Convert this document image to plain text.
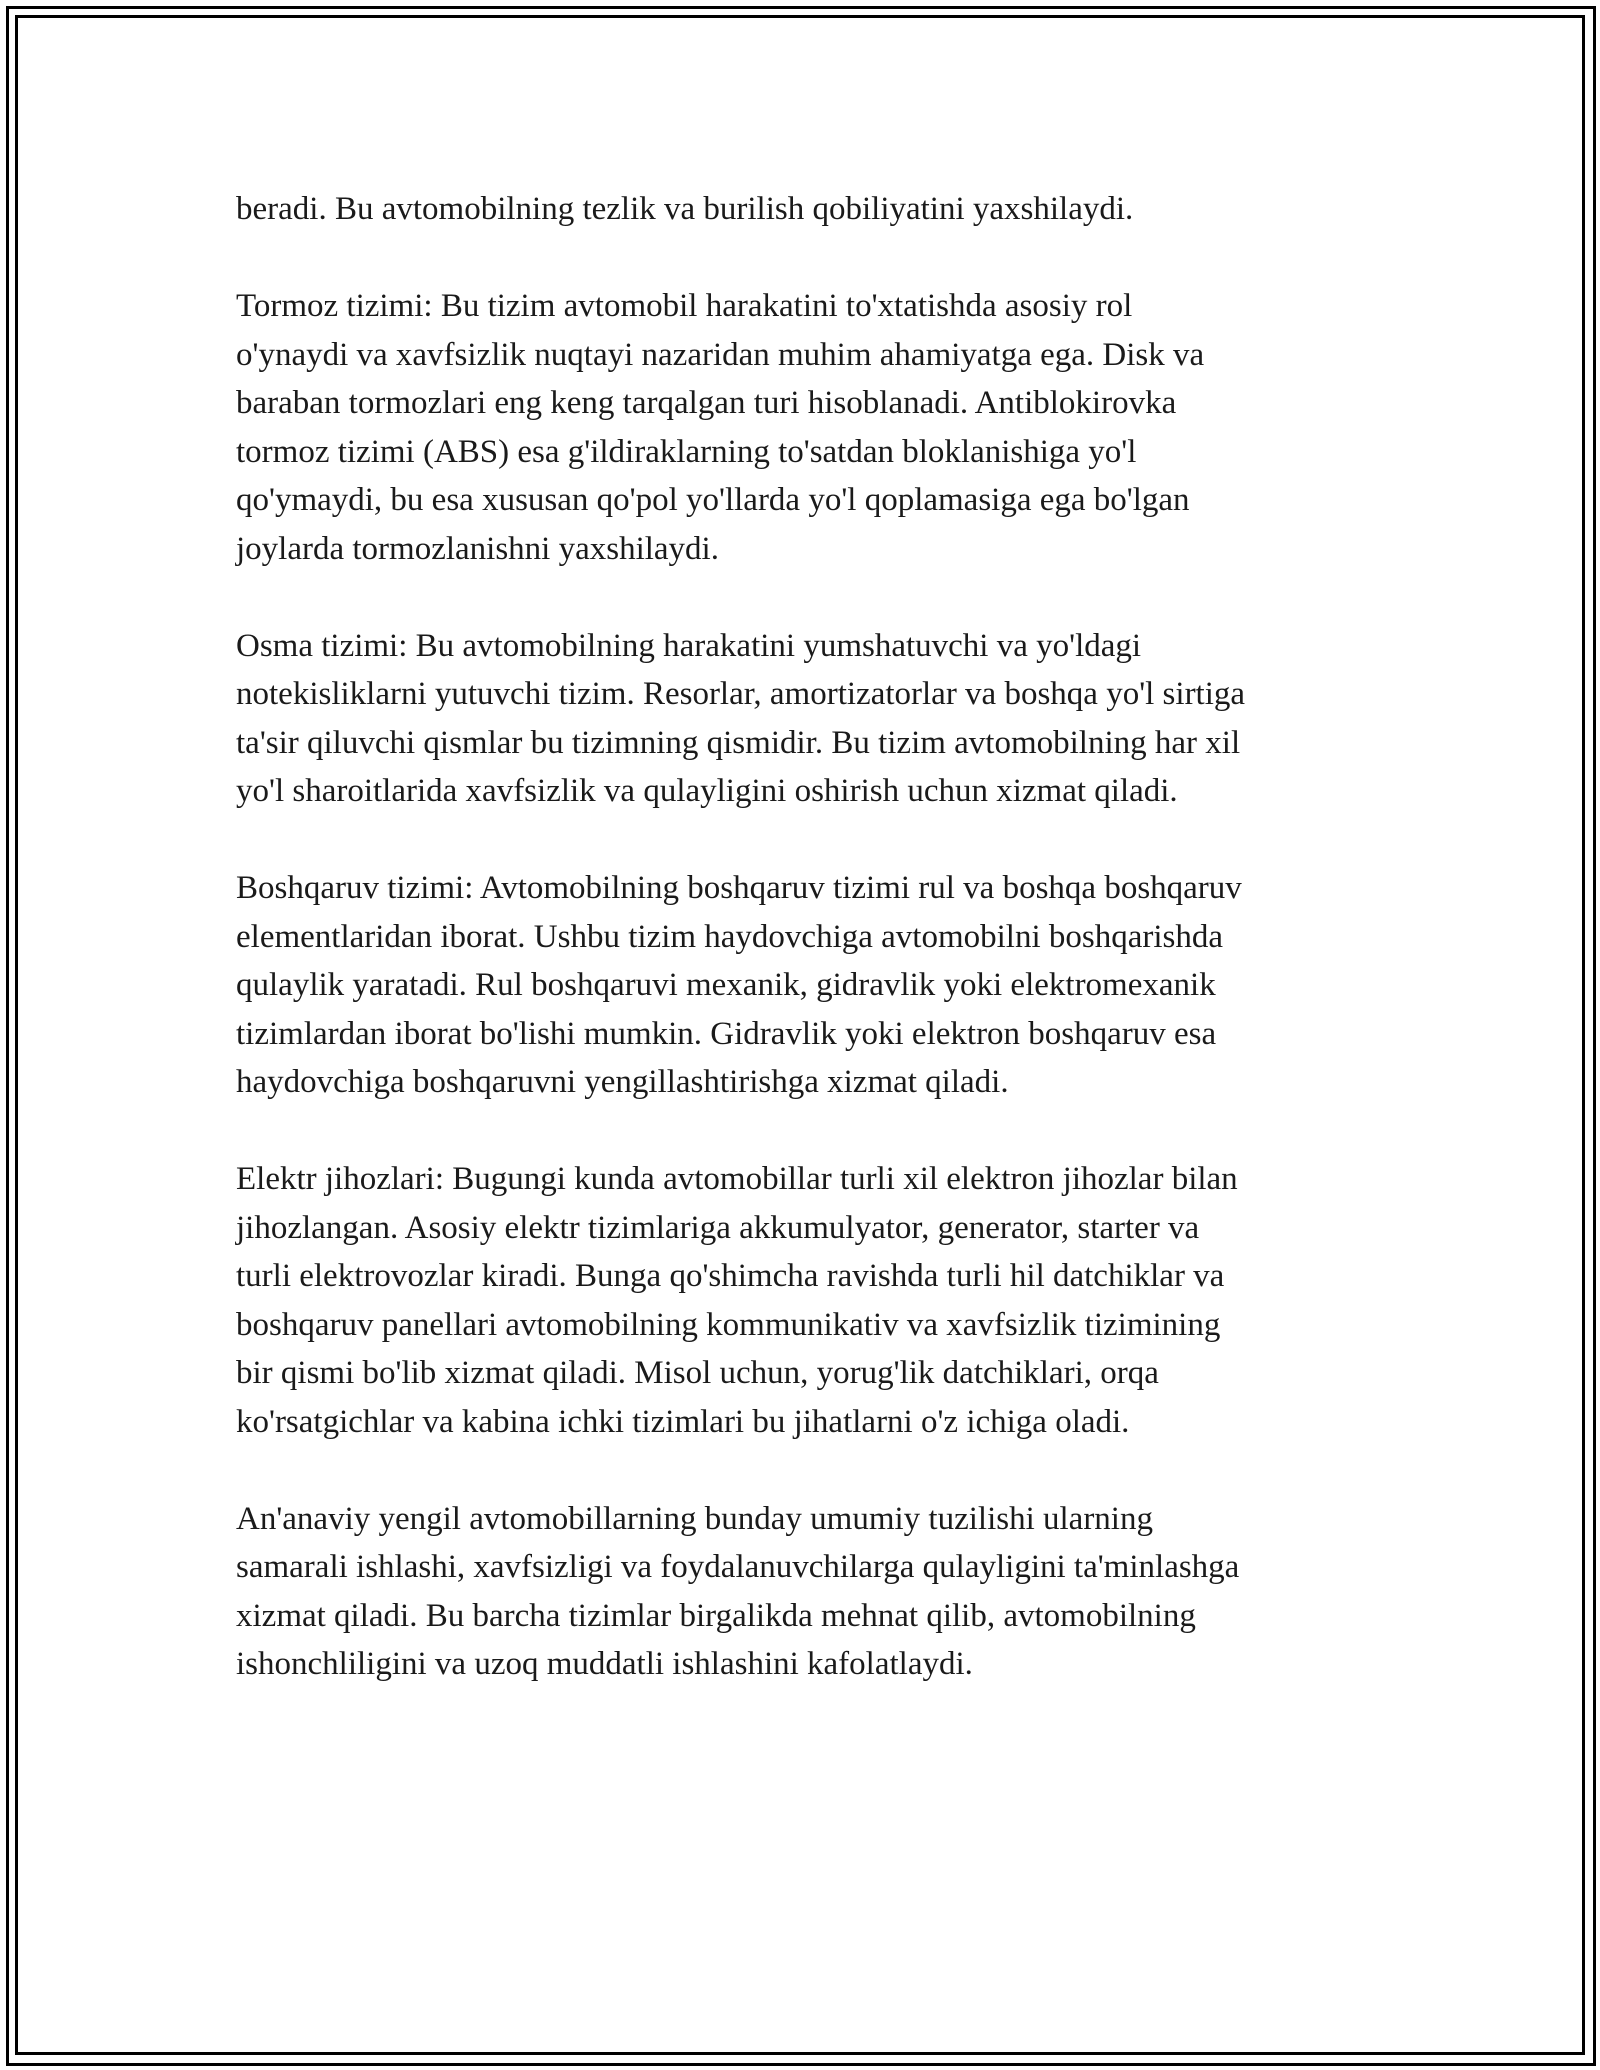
beradi. Bu avtomobilning tezlik va burilish qobiliyatini yaxshilaydi.

Tormoz tizimi: Bu tizim avtomobil harakatini to'xtatishda asosiy rol
o'ynaydi va xavfsizlik nuqtayi nazaridan muhim ahamiyatga ega. Disk va
baraban tormozlari eng keng tarqalgan turi hisoblanadi. Antiblokirovka
tormoz tizimi (ABS) esa g'ildiraklarning to'satdan bloklanishiga yo'l
qo'ymaydi, bu esa xususan qo'pol yo'llarda yo'l qoplamasiga ega bo'lgan
joylarda tormozlanishni yaxshilaydi.

Osma tizimi: Bu avtomobilning harakatini yumshatuvchi va yo'ldagi
notekisliklarni yutuvchi tizim. Resorlar, amortizatorlar va boshqa yo'l sirtiga
ta'sir qiluvchi qismlar bu tizimning qismidir. Bu tizim avtomobilning har xil
yo'l sharoitlarida xavfsizlik va qulayligini oshirish uchun xizmat qiladi.

Boshqaruv tizimi: Avtomobilning boshqaruv tizimi rul va boshqa boshqaruv
elementlaridan iborat. Ushbu tizim haydovchiga avtomobilni boshqarishda
qulaylik yaratadi. Rul boshqaruvi mexanik, gidravlik yoki elektromexanik
tizimlardan iborat bo'lishi mumkin. Gidravlik yoki elektron boshqaruv esa
haydovchiga boshqaruvni yengillashtirishga xizmat qiladi.

Elektr jihozlari: Bugungi kunda avtomobillar turli xil elektron jihozlar bilan
jihozlangan. Asosiy elektr tizimlariga akkumulyator, generator, starter va
turli elektrovozlar kiradi. Bunga qo'shimcha ravishda turli hil datchiklar va
boshqaruv panellari avtomobilning kommunikativ va xavfsizlik tizimining
bir qismi bo'lib xizmat qiladi. Misol uchun, yorug'lik datchiklari, orqa
ko'rsatgichlar va kabina ichki tizimlari bu jihatlarni o'z ichiga oladi.

An'anaviy yengil avtomobillarning bunday umumiy tuzilishi ularning
samarali ishlashi, xavfsizligi va foydalanuvchilarga qulayligini ta'minlashga
xizmat qiladi. Bu barcha tizimlar birgalikda mehnat qilib, avtomobilning
ishonchliligini va uzoq muddatli ishlashini kafolatlaydi.
